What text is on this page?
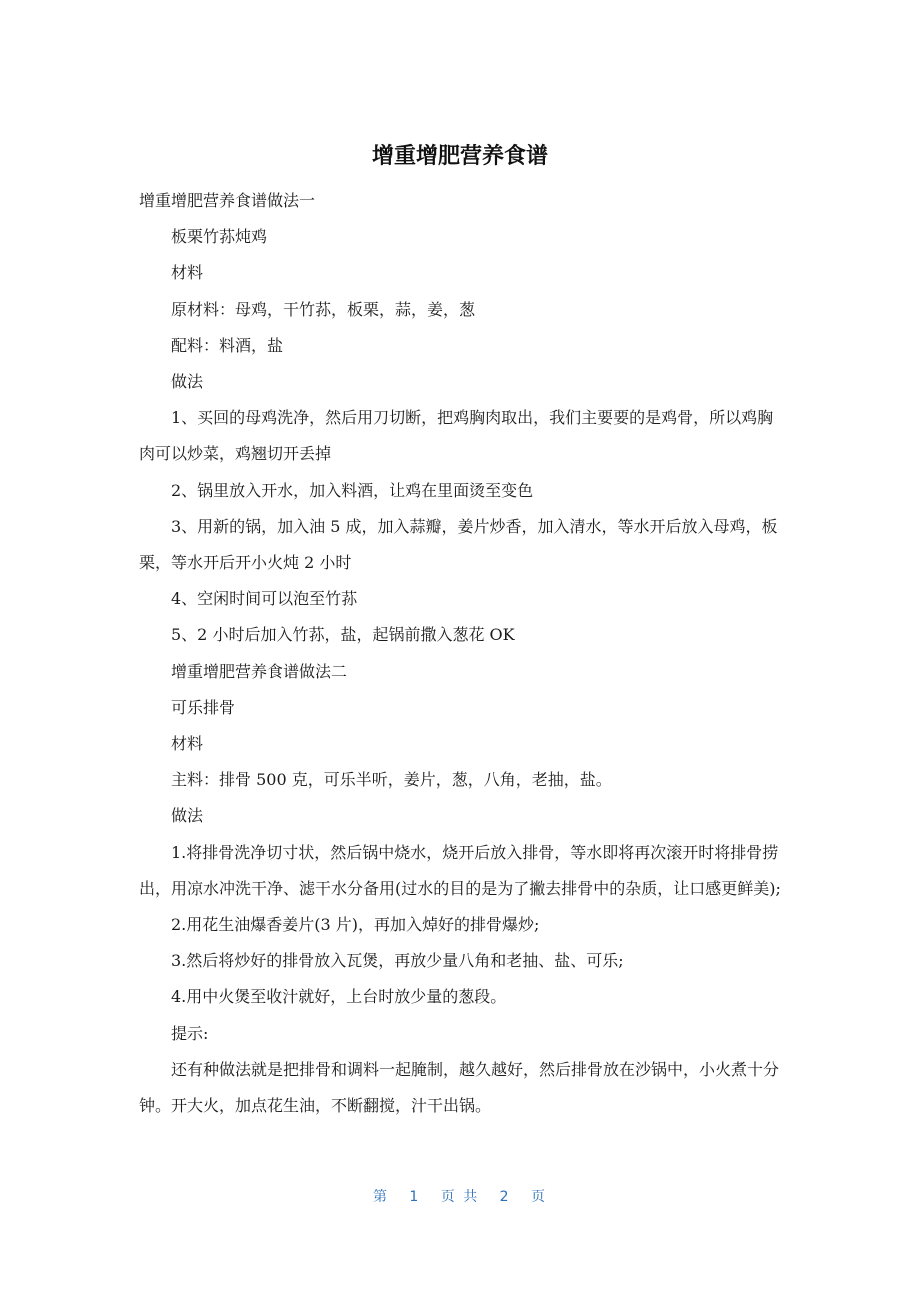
增重增肥营养食谱

增重增肥营养食谱做法一

板栗竹荪炖鸡

材料

原材料：母鸡，干竹荪，板栗，蒜，姜，葱

配料：料酒，盐

做法

1、买回的母鸡洗净，然后用刀切断，把鸡胸肉取出，我们主要要的是鸡骨，所以鸡胸肉可以炒菜，鸡翘切开丢掉

2、锅里放入开水，加入料酒，让鸡在里面烫至变色

3、用新的锅，加入油 5 成，加入蒜瓣，姜片炒香，加入清水，等水开后放入母鸡，板栗，等水开后开小火炖 2 小时

4、空闲时间可以泡至竹荪

5、2 小时后加入竹荪，盐，起锅前撒入葱花 OK

增重增肥营养食谱做法二

可乐排骨

材料

主料：排骨 500 克，可乐半听，姜片，葱，八角，老抽，盐。

做法

1.将排骨洗净切寸状，然后锅中烧水，烧开后放入排骨，等水即将再次滚开时将排骨捞出，用凉水冲洗干净、滤干水分备用(过水的目的是为了撇去排骨中的杂质，让口感更鲜美);

2.用花生油爆香姜片(3 片)，再加入焯好的排骨爆炒;

3.然后将炒好的排骨放入瓦煲，再放少量八角和老抽、盐、可乐;

4.用中火煲至收汁就好，上台时放少量的葱段。

提示:

还有种做法就是把排骨和调料一起腌制，越久越好，然后排骨放在沙锅中，小火煮十分钟。开大火，加点花生油，不断翻搅，汁干出锅。

第 1 页 共 2 页
